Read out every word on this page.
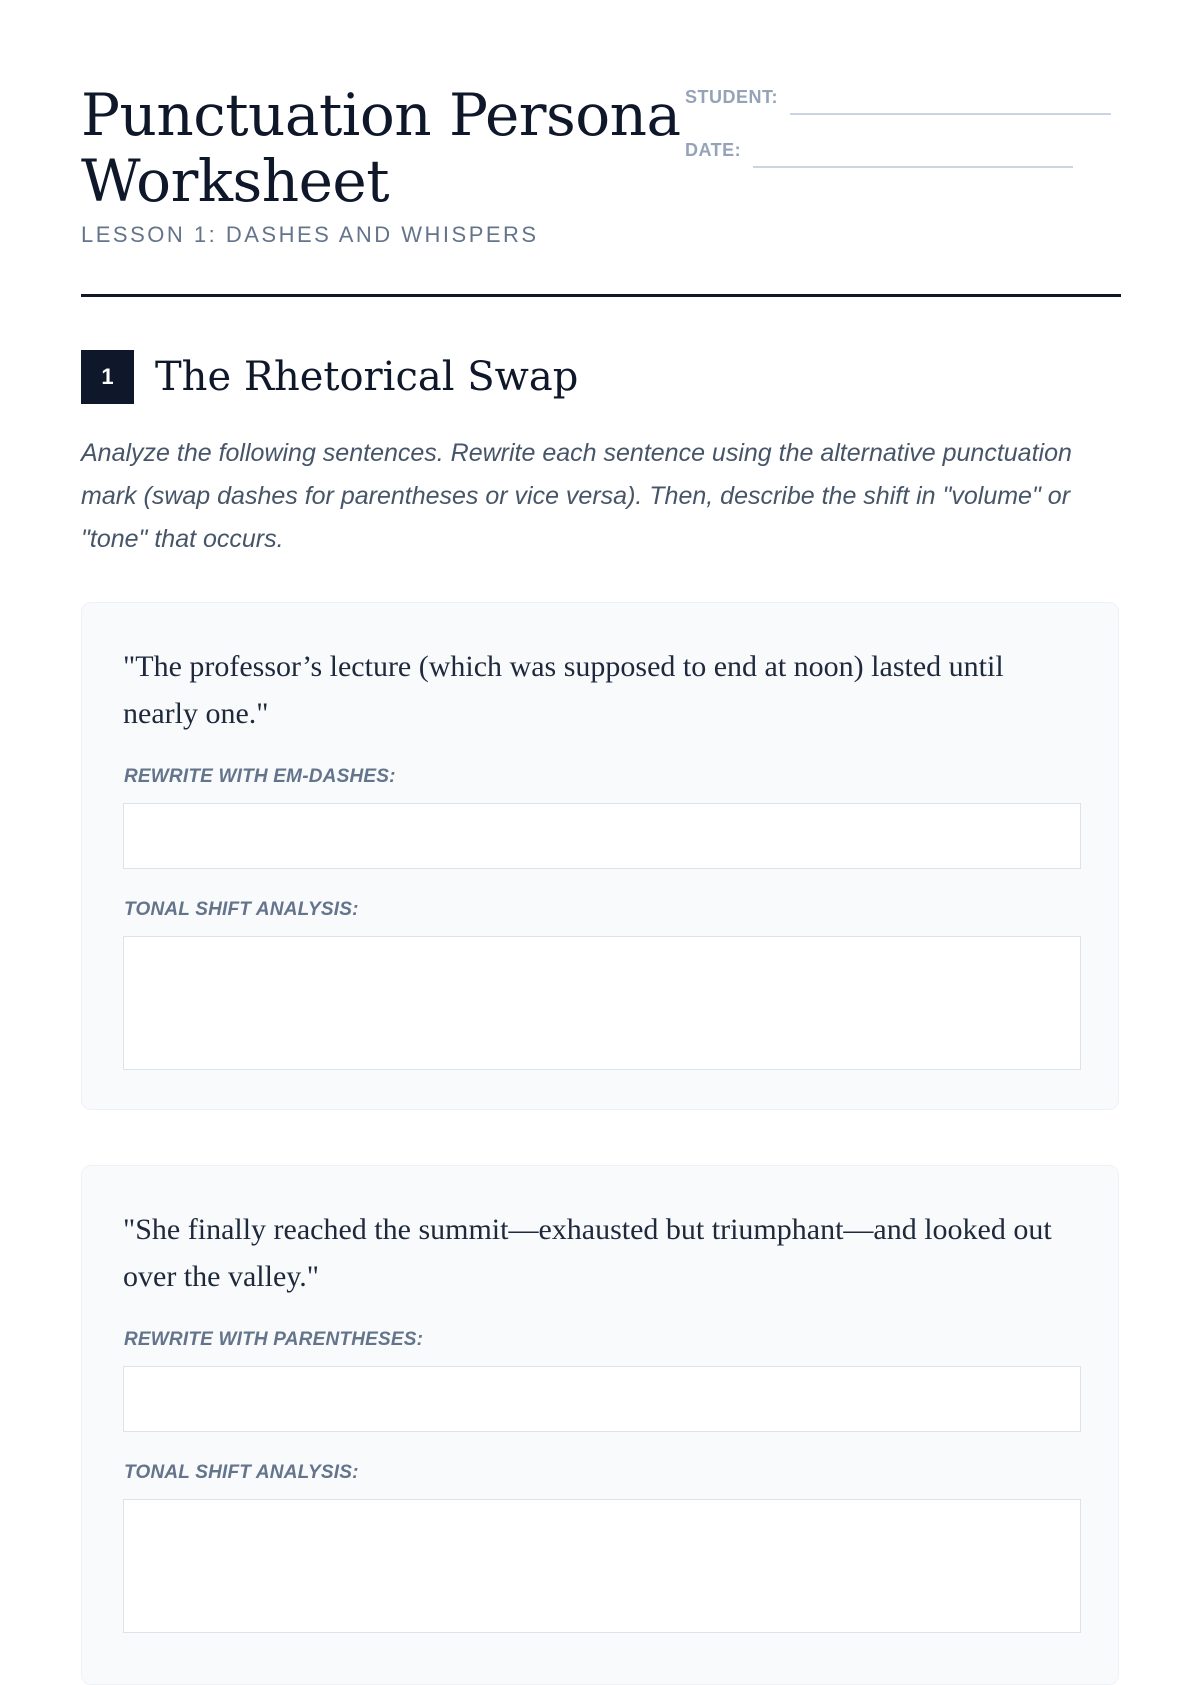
Punctuation Persona Worksheet
LESSON 1: DASHES AND WHISPERS
STUDENT:
DATE:
1	The Rhetorical Swap
Analyze the following sentences. Rewrite each sentence using the alternative punctuation mark (swap dashes for parentheses or vice versa). Then, describe the shift in "volume" or "tone" that occurs.
"The professor’s lecture (which was supposed to end at noon) lasted until nearly one."
REWRITE WITH EM-DASHES:
TONAL SHIFT ANALYSIS:
"She finally reached the summit—exhausted but triumphant—and looked out over the valley."
REWRITE WITH PARENTHESES:
TONAL SHIFT ANALYSIS:
